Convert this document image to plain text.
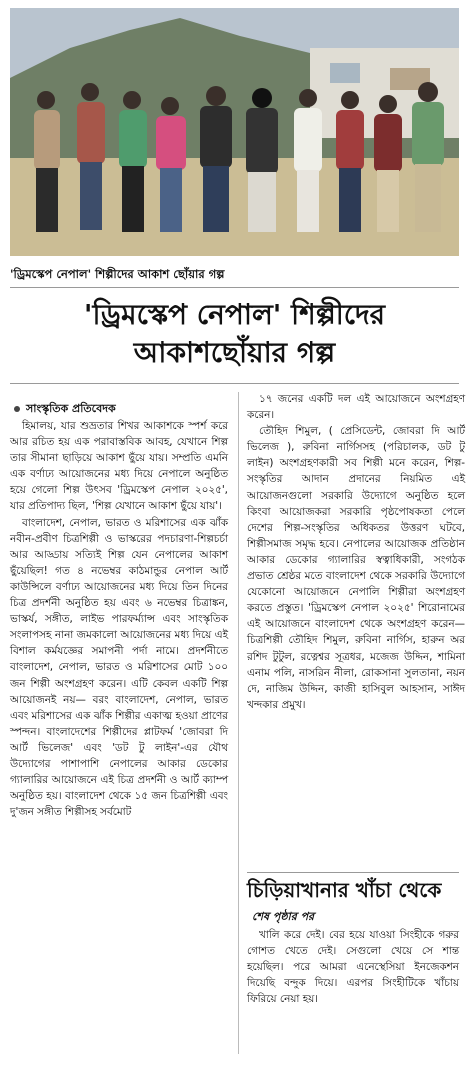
'ড্রিমস্কেপ নেপাল' শিল্পীদের আকাশ ছোঁয়ার গল্প
'ড্রিমস্কেপ নেপাল' শিল্পীদের
আকাশছোঁয়ার গল্প
সাংস্কৃতিক প্রতিবেদক

হিমালয়, যার শুভ্রতার শিখর আকাশকে স্পর্শ করে আর রচিত হয় এক পরাবাস্তবিক আবহ, যেখানে শিল্প তার সীমানা ছাড়িয়ে আকাশ ছুঁয়ে যায়। সম্প্রতি এমনি এক বর্ণাঢ্য আয়োজনের মধ্য দিয়ে নেপালে অনুষ্ঠিত হয়ে গেলো শিল্প উৎসব 'ড্রিমস্কেপ নেপাল ২০২৫', যার প্রতিপাদ্য ছিল, 'শিল্প যেখানে আকাশ ছুঁয়ে যায়'।

বাংলাদেশ, নেপাল, ভারত ও মরিশাসের এক ঝাঁক নবীন-প্রবীণ চিত্রশিল্পী ও ভাস্করের পদচারণা-শিল্পচর্চা আর আড্ডায় সত্যিই শিল্প যেন নেপালের আকাশ ছুঁয়েছিল! গত ৪ নভেম্বর কাঠমান্ডুর নেপাল আর্ট কাউন্সিলে বর্ণাঢ্য আয়োজনের মধ্য দিয়ে তিন দিনের চিত্র প্রদর্শনী অনুষ্ঠিত হয় এবং ৬ নভেম্বর চিত্রাঙ্কন, ভাস্কর্য, সঙ্গীত, লাইভ পারফর্ম্যান্স এবং সাংস্কৃতিক সংলাপসহ নানা জমকালো আয়োজনের মধ্য দিয়ে এই বিশাল কর্মযজ্ঞের সমাপনী পর্দা নামে। প্রদর্শনীতে বাংলাদেশ, নেপাল, ভারত ও মরিশাসের মোট ১০০ জন শিল্পী অংশগ্রহণ করেন। এটি কেবল একটি শিল্প আয়োজনই নয়— বরং বাংলাদেশ, নেপাল, ভারত এবং মরিশাসের এক ঝাঁক শিল্পীর একাত্ম হওয়া প্রাণের স্পন্দন। বাংলাদেশের শিল্পীদের প্লাটফর্ম 'জোবরা দি আর্ট ভিলেজ' এবং 'ডট টু লাইন'-এর যৌথ উদ্যোগের পাশাপাশি নেপালের আকার ডেকোর গ্যালারির আয়োজনে এই চিত্র প্রদর্শনী ও আর্ট ক্যাম্প অনুষ্ঠিত হয়। বাংলাদেশ থেকে ১৫ জন চিত্রশিল্পী এবং দু'জন সঙ্গীত শিল্পীসহ সর্বমোট

১৭ জনের একটি দল এই আয়োজনে অংশগ্রহণ করেন।

তৌহিদ শিমুল, ( প্রেসিডেন্ট, জোবরা দি আর্ট ভিলেজ ), রুবিনা নার্গিসসহ (পরিচালক, ডট টু লাইন) অংশগ্রহণকারী সব শিল্পী মনে করেন, শিল্প-সংস্কৃতির আদান প্রদানের নিয়মিত এই আয়োজনগুলো সরকারি উদ্যোগে অনুষ্ঠিত হলে কিংবা আয়োজকরা সরকারি পৃষ্ঠপোষকতা পেলে দেশের শিল্প-সংস্কৃতির অধিকতর উত্তরণ ঘটবে, শিল্পীসমাজ সমৃদ্ধ হবে। নেপালের আয়োজক প্রতিষ্ঠান আকার ডেকোর গ্যালারির স্বত্বাধিকারী, সংগঠক প্রভাত শ্রেষ্ঠর মতে বাংলাদেশ থেকে সরকারি উদ্যোগে যেকোনো আয়োজনে নেপালি শিল্পীরা অংশগ্রহণ করতে প্রস্তুত। 'ড্রিমস্কেপ নেপাল ২০২৫' শিরোনামের এই আয়োজনে বাংলাদেশ থেকে অংশগ্রহণ করেন— চিত্রশিল্পী তৌহিদ শিমুল, রুবিনা নার্গিস, হারুন অর রশিদ টুটুল, রত্নেশ্বর সূত্রধর, মজেজ উদ্দিন, শামিনা এনাম পলি, নাসরিন নীলা, রোকসানা সুলতানা, নয়ন দে, নাজিম উদ্দিন, কাজী হাসিবুল আহসান, সাঈদ খন্দকার প্রমুখ।

চিড়িয়াখানার খাঁচা থেকে
শেষ পৃষ্ঠার পর

খালি করে দেই। বের হয়ে যাওয়া সিংহীকে গরুর গোশত খেতে দেই। সেগুলো খেয়ে সে শান্ত হয়েছিল। পরে আমরা এনেস্থেসিয়া ইনজেকশন দিয়েছি বন্দুক দিয়ে। এরপর সিংহীটিকে খাঁচায় ফিরিয়ে নেয়া হয়।
